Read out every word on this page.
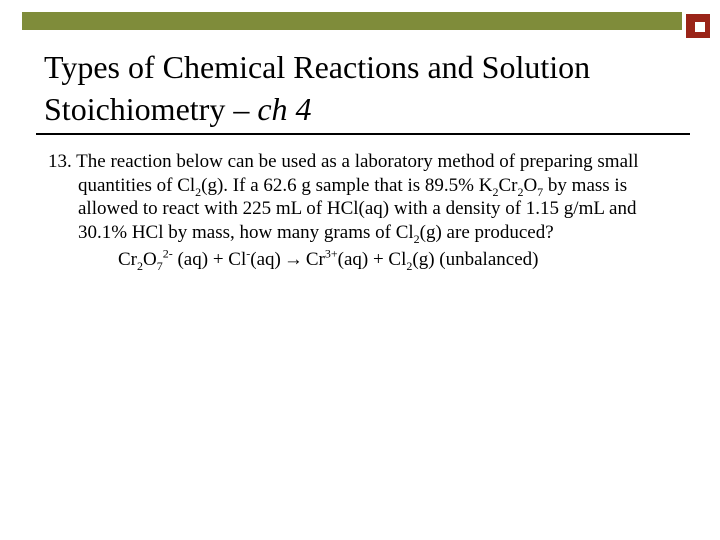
Types of Chemical Reactions and Solution
Stoichiometry – ch 4

13. The reaction below can be used as a laboratory method of preparing small quantities of $Cl_2(g)$. If a 62.6 g sample that is 89.5% $K_2Cr_2O_7$ by mass is allowed to react with 225 mL of HCl(aq) with a density of 1.15 g/mL and 30.1% HCl by mass, how many grams of $Cl_2(g)$ are produced?

$Cr_2O_7^{2-}$ $(aq) + Cl^-(aq) \to Cr^{3+}(aq) + Cl_2(g)$ (unbalanced)
